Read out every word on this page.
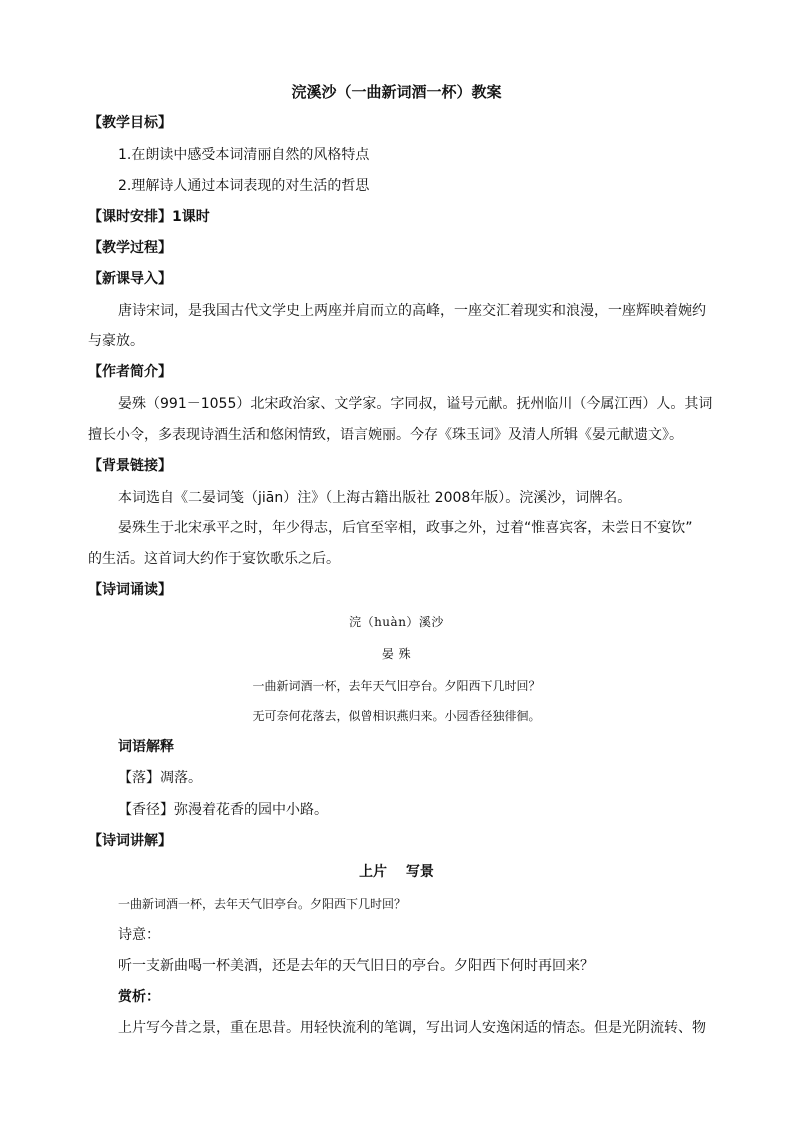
浣溪沙（一曲新词酒一杯）教案
【教学目标】
1.在朗读中感受本词清丽自然的风格特点
2.理解诗人通过本词表现的对生活的哲思
【课时安排】1课时
【教学过程】
【新课导入】
唐诗宋词，是我国古代文学史上两座并肩而立的高峰，一座交汇着现实和浪漫，一座辉映着婉约
与豪放。
【作者简介】
晏殊（991－1055）北宋政治家、文学家。字同叔，谥号元献。抚州临川（今属江西）人。其词
擅长小令，多表现诗酒生活和悠闲情致，语言婉丽。今存《珠玉词》及清人所辑《晏元献遗文》。
【背景链接】
本词选自《二晏词笺（jiān）注》（上海古籍出版社 2008年版）。浣溪沙，词牌名。
晏殊生于北宋承平之时，年少得志，后官至宰相，政事之外，过着“惟喜宾客，未尝日不宴饮”
的生活。这首词大约作于宴饮歌乐之后。
【诗词诵读】
浣（huàn）溪沙
晏 殊
一曲新词酒一杯，去年天气旧亭台。夕阳西下几时回？
无可奈何花落去，似曾相识燕归来。小园香径独徘徊。
词语解释
【落】凋落。
【香径】弥漫着花香的园中小路。
【诗词讲解】
上片　 写景
一曲新词酒一杯，去年天气旧亭台。夕阳西下几时回？
诗意：
听一支新曲喝一杯美酒，还是去年的天气旧日的亭台。夕阳西下何时再回来？
赏析：
上片写今昔之景，重在思昔。用轻快流利的笔调，写出词人安逸闲适的情态。但是光阴流转、物
